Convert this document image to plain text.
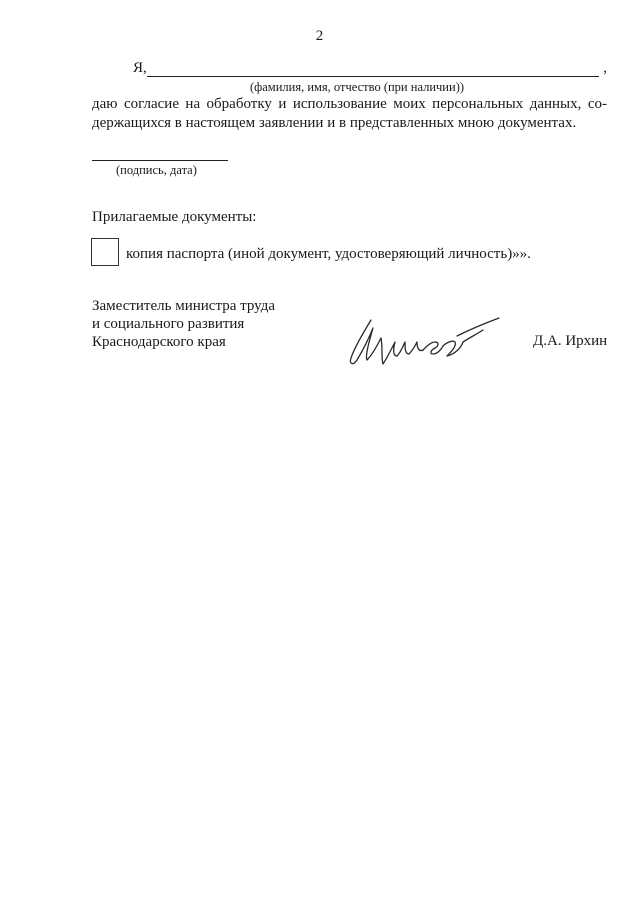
2
Я,	,
(фамилия, имя, отчество (при наличии))
даю согласие на обработку и использование моих персональных данных, содержащихся в настоящем заявлении и в представленных мною документах.
(подпись, дата)
Прилагаемые документы:
копия паспорта (иной документ, удостоверяющий личность)»».
Заместитель министра труда
и социального развития
Краснодарского края	Д.А. Ирхин
